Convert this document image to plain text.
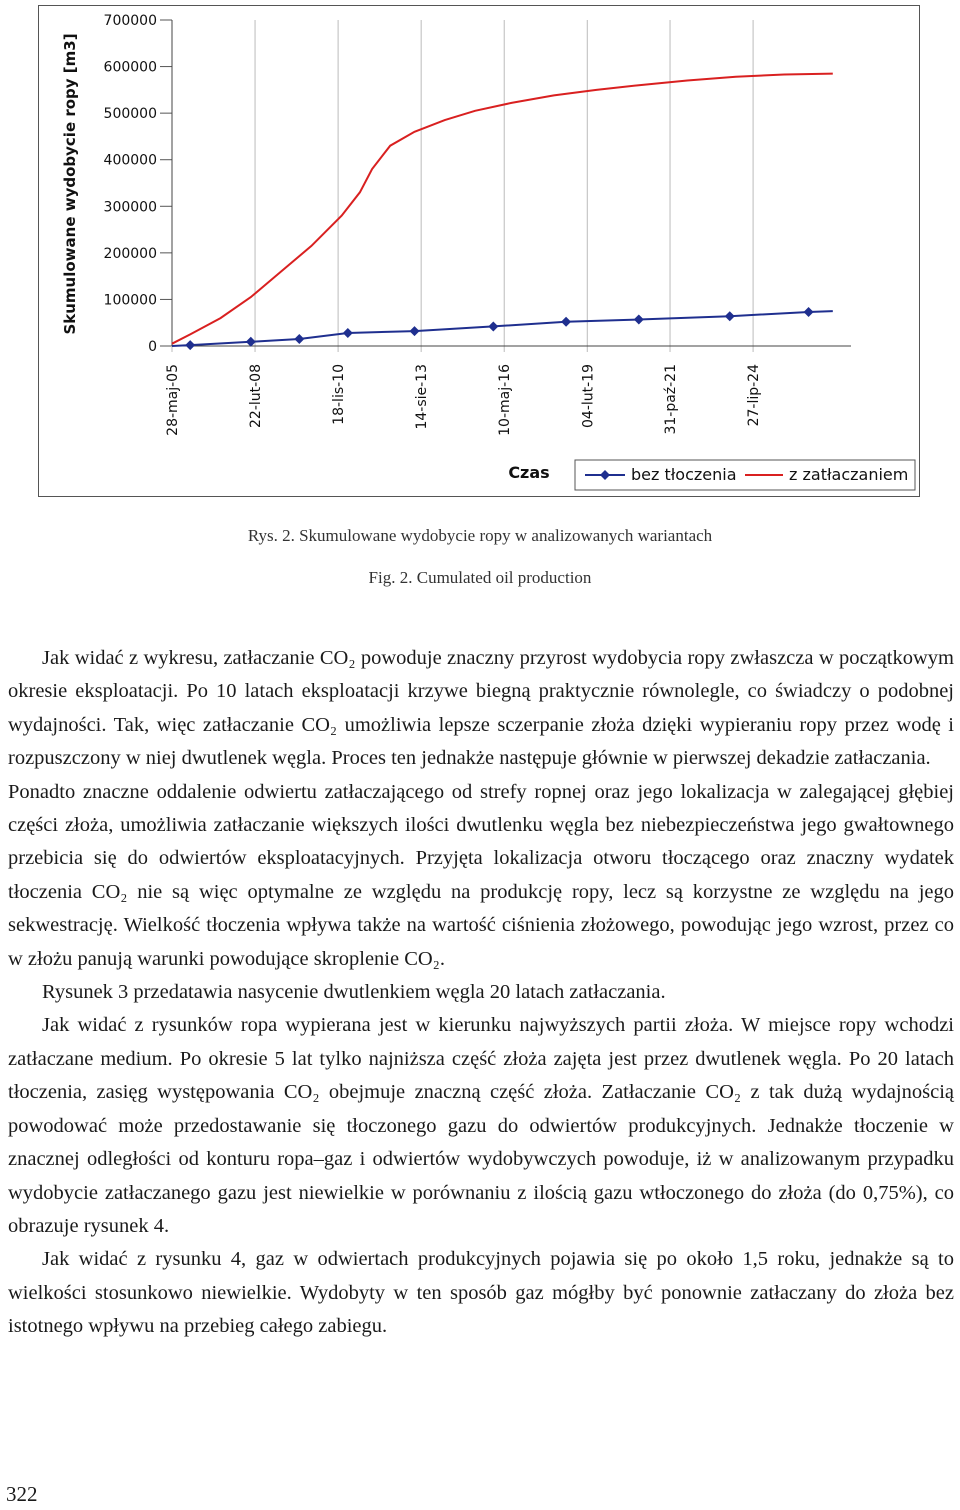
700000
600000
500000
400000
300000
200000
100000
0
28-maj-05	22-lut-08	18-lis-10	14-sie-13	10-maj-16	04-lut-19	31-paź-21	27-lip-24
Skumulowane wydobycie ropy [m3]
Czas	bez tłoczenia	z zatłaczaniem
Rys. 2. Skumulowane wydobycie ropy w analizowanych wariantach
Fig. 2. Cumulated oil production

Jak widać z wykresu, zatłaczanie CO₂ powoduje znaczny przyrost wydobycia ropy zwłaszcza w początkowym okresie eksploatacji. Po 10 latach eksploatacji krzywe biegną praktycznie równolegle, co świadczy o podobnej wydajności. Tak, więc zatłaczanie CO₂ umożliwia lepsze sczerpanie złoża dzięki wypieraniu ropy przez wodę i rozpuszczony w niej dwutlenek węgla. Proces ten jednakże następuje głównie w pierwszej dekadzie zatłaczania.

Ponadto znaczne oddalenie odwiertu zatłaczającego od strefy ropnej oraz jego lokalizacja w zalegającej głębiej części złoża, umożliwia zatłaczanie większych ilości dwutlenku węgla bez niebezpieczeństwa jego gwałtownego przebicia się do odwiertów eksploatacyjnych. Przyjęta lokalizacja otworu tłoczącego oraz znaczny wydatek tłoczenia CO₂ nie są więc optymalne ze względu na produkcję ropy, lecz są korzystne ze względu na jego sekwestrację. Wielkość tłoczenia wpływa także na wartość ciśnienia złożowego, powodując jego wzrost, przez co w złożu panują warunki powodujące skroplenie CO₂.

Rysunek 3 przedatawia nasycenie dwutlenkiem węgla 20 latach zatłaczania.

Jak widać z rysunków ropa wypierana jest w kierunku najwyższych partii złoża. W miejsce ropy wchodzi zatłaczane medium. Po okresie 5 lat tylko najniższa część złoża zajęta jest przez dwutlenek węgla. Po 20 latach tłoczenia, zasięg występowania CO₂ obejmuje znaczną część złoża. Zatłaczanie CO₂ z tak dużą wydajnością powodować może przedostawanie się tłoczonego gazu do odwiertów produkcyjnych. Jednakże tłoczenie w znacznej odległości od konturu ropa–gaz i odwiertów wydobywczych powoduje, iż w analizowanym przypadku wydobycie zatłaczanego gazu jest niewielkie w porównaniu z ilością gazu wtłoczonego do złoża (do 0,75%), co obrazuje rysunek 4.

Jak widać z rysunku 4, gaz w odwiertach produkcyjnych pojawia się po około 1,5 roku, jednakże są to wielkości stosunkowo niewielkie. Wydobyty w ten sposób gaz mógłby być ponownie zatłaczany do złoża bez istotnego wpływu na przebieg całego zabiegu.

322
